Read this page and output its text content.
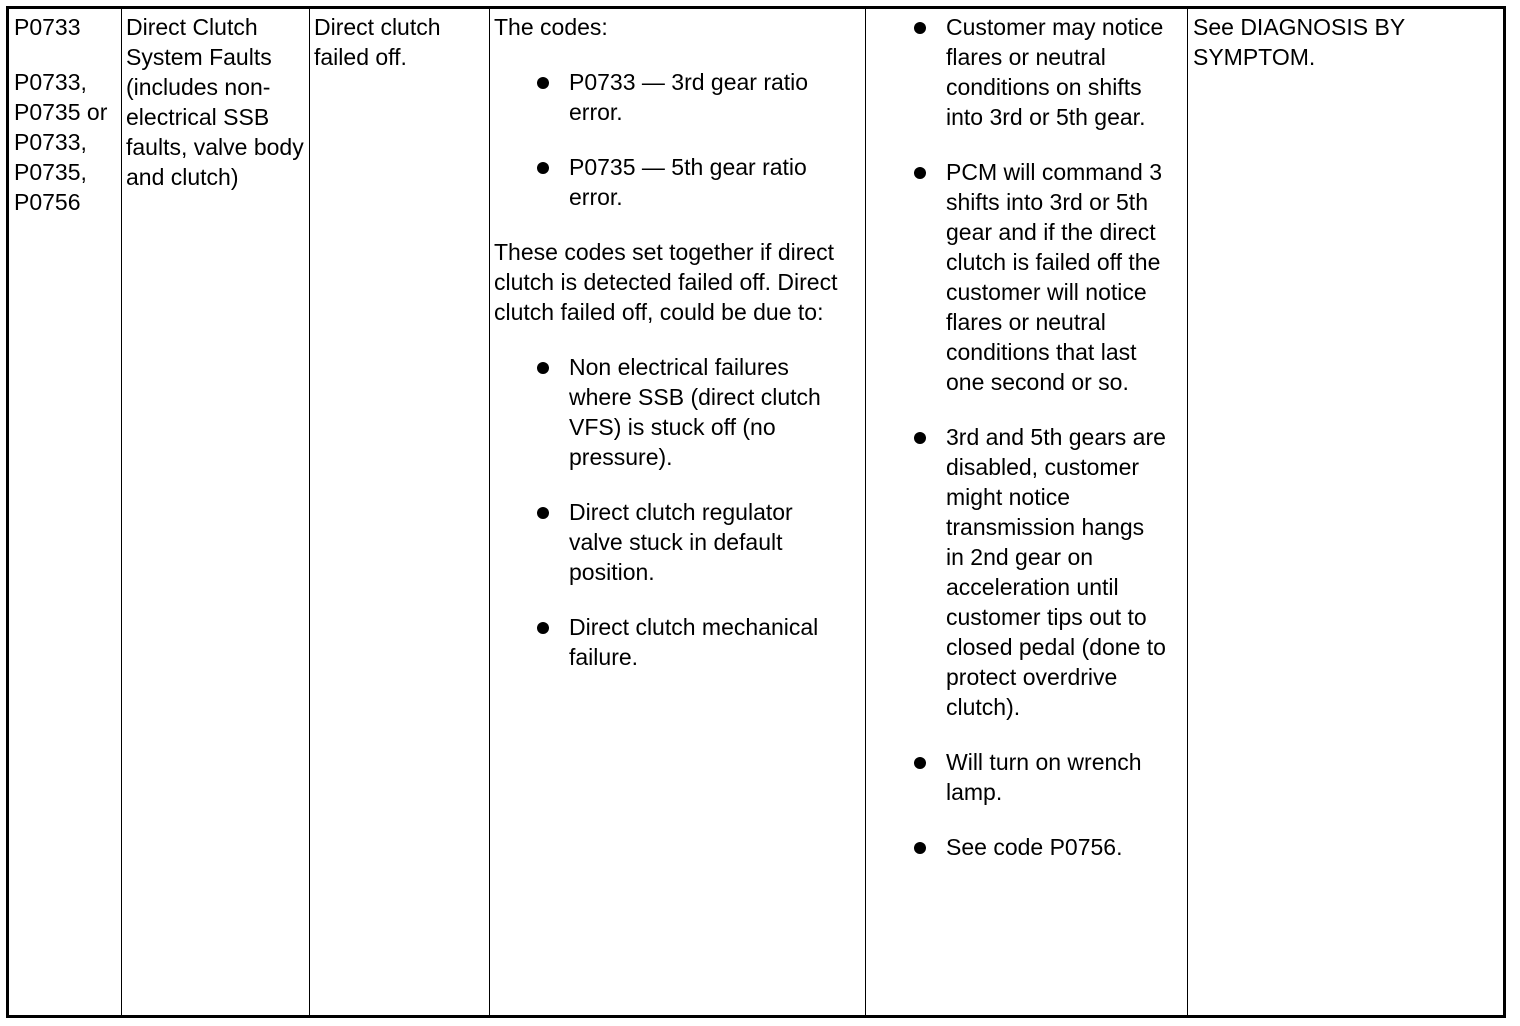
P0733

P0733,

P0735 or

P0733,

P0735,

P0756

Direct Clutch System Faults (includes non-electrical SSB faults, valve body and clutch)

Direct clutch failed off.

The codes:

P0733 — 3rd gear ratio error.
P0735 — 5th gear ratio error.

These codes set together if direct clutch is detected failed off. Direct clutch failed off, could be due to:

Non electrical failures where SSB (direct clutch VFS) is stuck off (no pressure).
Direct clutch regulator valve stuck in default position.
Direct clutch mechanical failure.
Customer may notice flares or neutral conditions on shifts into 3rd or 5th gear.
PCM will command 3 shifts into 3rd or 5th gear and if the direct clutch is failed off the customer will notice flares or neutral conditions that last one second or so.
3rd and 5th gears are disabled, customer might notice transmission hangs in 2nd gear on acceleration until customer tips out to closed pedal (done to protect overdrive clutch).
Will turn on wrench lamp.
See code P0756.

See DIAGNOSIS BY SYMPTOM.
